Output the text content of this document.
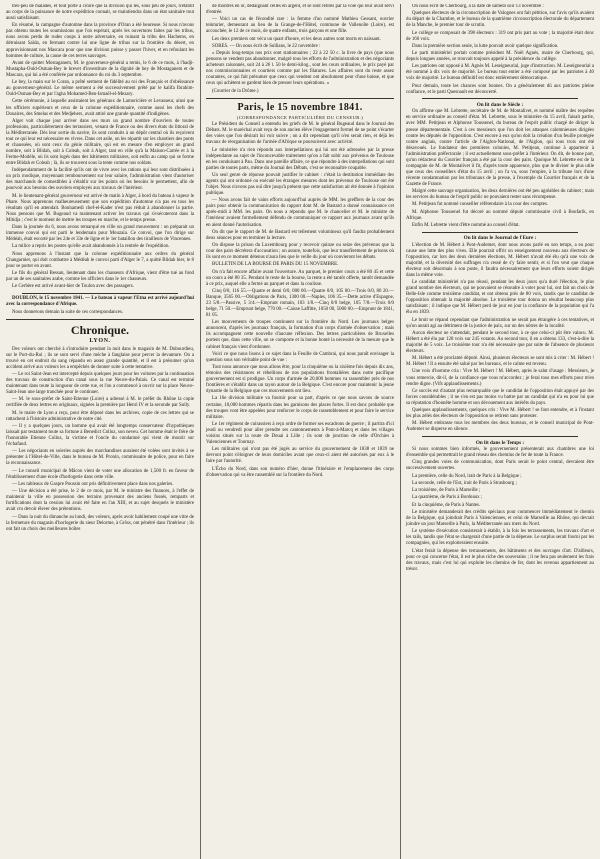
très-peu de malades, et tout porte à croire que la division qui les, sous peu de jours, n'établit au corps de la puissance de notre expédition connait, se maintiendra dans un état sanitaire tout aussi satisfaisant.

En résumé, la campagne d'automne dans la province d'Oran a été heureuse. Si nous n'avons pas obtenu toutes les soumissions que l'on espérait, après les ouvertures faites par les tribus, nous avons perdu de rudes coups à notre adversaire, en ruinant la tribu des Hachems, en détruisant Saïda, en fermant contre lui une ligne de tribus sur la frontière du désert, en approvisionnant nos Mascara pour que une division puisse y passer l'hiver, et en refoulant les hommes de culture, la cause de ces terres sauvages.

Avant de quitter Mostaganem, M. le gouverneur-général a remis, le 6 de ce mois, à l'hadji-Mustapha-Ould-Osman-Bey le brevet d'investiture de la dignité de bey de Mostaganem et de Mascara, qui lui a été conférée par ordonnance du roi du 3 septembre.

Le bey, la main sur le Coran, a prêté serment de fidélité au roi des Français et d'obéissance au gouverneur-général. Le même serment a été successivement prêté par le kalifa Ibrahim-Ould-Osman-Bey et par l'agha Mohamed-Ben-Ismaël-el-Mezary.

Cette cérémonie, à laquelle assistaient les généraux de Lamoricière et Levasseur, ainsi que les officiers supérieurs et ceux de la colonne expéditionnaire, comme aussi les chefs des Douaires, des Smelas et des Medjehers, avait attiré une grande quantité d'indigènes.

Alger voit chaque jour arriver dans ses murs un grand nombre d'ouvriers de toutes professions, particulièrement des terrassiers, venant de France ou des divers états du littoral de la Méditerranée. Dès leur sortie du navire, ils sont conduits à un dépôt central où ils reçoivent tout ce qui leur est nécessaire en vivres. Dans cet asile, on les répartit sur les chantiers des ponts et chaussées, où sont ceux du génie militaire, qui est en mesure d'en employer un grand nombre, soit à Blidah, soit à Coleah, soit à Alger, tant en ville qu'à la Maison-Carrée et à la Ferme-Modèle, où ils sont logés dans des bâtiments militaires, soit enfin au camp qui se forme entre Blidah et Coleah ; là, ils se trouvent sous la tente comme nos soldats.

Indépendamment de la facilité qu'ils ont de vivre avec les rations qui leur sont distribuées à un prix modique, moyennant remboursement sur leur salaire, l'administration vient d'autoriser des marchands de comestibles à s'établir sur les points où les besoins le permettent, afin de pourvoir aux besoins des ouvriers employés aux travaux de l'intérieur.

M. le lieutenant-général gouverneur est arrivé de matin à Alger, à bord du bateau à vapeur le Phare. Nous apprenons malheureusement que son expédition d'automne n'a pas eu tous les résultats qu'il en attendait. Bouhamedi chef-el-Kader n'est pas réduit à abandonner la partie. Nous pensons que M. Bugeaud va maintenant activer les travaux qui s'exécuteront dans la Mitidja ; c'est le moment de mettre les troupes en marche, et le temps presse.

Dans la journée du 6, nous avons remarqué en ville un grand mouvement : on préparait un immense convoi qui est parti le lendemain pour Mouzaïa. Ce convoi, que l'on dirige sur Médéah, était escorté par les 24e et 33e de ligne et le 1er bataillon des tirailleurs de Vincennes.

La milice a repris les postes qu'elle avait abandonnés à la rentrée de l'expédition.

Nous apprenons à l'instant que la colonne expéditionnaire aux ordres du général Changarnier, qui doit combattre à Médéah le convoi parti d'Alger le 7, a quitté Blidah hier, le 8 pour se porter en avant.

Le fils du général Bessan, lieutenant dans les chasseurs d'Afrique, vient d'être tué au fond par un de ses sanitaires arabe, comme les officiers dans le 1er chasseurs.

Le Cerbère est arrivé avant-hier de Toulon avec des passagers.

DOUBLON, le 15 novembre 1841. — Le bateau à vapeur l'Etna est arrivé aujourd'hui avec la correspondance d'Afrique.

Nous donnerons demain la suite de ces correspondances.

Chronique.
LYON.

Des voleurs ont cherché à s'introduire pendant la nuit dans le magasin de M. Dubourdieu, sur le Port-du-Roi ; ils se sont servi d'une mèche à fanglaise pour percer la devanture. On a trouvé en cet endroit du sang répandu en assez grande quantité, et il est à présumer qu'un accident arrivé aux voleurs les a empêchés de donner suite à cette tentative.

— Le roi Saint-Jean est intercepté depuis quelques jours pour les voitures par la continuation des travaux de construction d'un canal sous la rue Neuve-du-Palais. Ce canal est terminé maintenant dans toute la longueur de cette rue, et l'on a commencé à ouvrir sur la place Neuve-Saint-Jean une large tranchée pour le continuer.

— M. le sous-préfet de Saint-Etienne (Loire) a adressé à M. le préfet du Rhône la copie certifiée de deux lettres en originaux, signées la première par Henri IV et la seconde par Sully.

M. le maire de Lyon a reçu, pour être déposé dans les archives, copie de ces lettres qui se rattachent à l'histoire administrative de notre cité.

— Il y a quelques jours, un homme qui avait été longtemps conservateur d'hypothèques laissait par testament toute sa fortune à Benedict Colloz, son neveu. Cet homme était le frère de l'honorable Etienne Colloz, la victime et l'oncle du condamné qui vient de mourir sur l'échafaud.

— Les négociants en soieries auprès des marchandises auraient été volées sont invités à se présenter à l'Hôtel-de-Ville, dans le bureau de M. Pronin, commissaire de police, pour en faire la reconnaissance.

— Le conseil municipal de Mâcon vient de voter une allocation de 1,500 fr. en faveur de l'établissement d'une école d'horlogerie dans cette ville.

— Les tableaux de Gaspre Poussin ont pris définitivement place dans nos galeries.

— Une décision a été prise, le 2 de ce mois, par M. le ministre des finances, à l'effet de maintenir la ville en possession des terrains provenant des anciens fossés, remparts et fortifications dont la cession lui avait été faite en l'an XIII, et au sujet desquels le ministère avait cru devoir élever des prétentions.

— Dans la nuit du dimanche au lundi, des voleurs, après avoir habilement coupé une vitre de la fermeture du magasin d'horlogerie du sieur Delorme, à Grôss, ont pénétré dans l'intérieur ; ils ont fait un choix des meilleures boîtes

de montres en or, dédaignant celles en argent, et se sont retirés par la voie qui leur avait servi d'entrée.

— Voici un cas de fécondité rare : la femme d'un nommé Mathieu Gessant, ouvrier teinturier, demeurant au lieu de la Grange-de-l'Hôtel, commune de Vallenoîte (Loire), est accouchée, le 12 de ce mois, de quatre enfants, trois garçons et une fille.

Les deux premiers ont vécu un quart d'heure, et les deux autres sont morts en naissant.

SORES. — On nous écrit de Sullians, le 22 novembre :

« Depuis long-temps nos prix sont stationnaires ; 22 à 22 50 c. la livre de pays (que nous pensons se vendent pas abandonner, malgré tous les efforts de l'administration et des négociants acheteurs raisonnés, soit 24 à 26 l. 50 le demi-kilog., sont les cours ordinaires, le prix payé par nos commissionnaires et courtiers comme par les filatures. Les affaires sont du reste assez courantes, ce qui fait présumer que ceux qui vendent ont absolument peur d'une baisse, et que ceux qui achètent se gardent bien de presser leurs opérations. »

(Courrier de la Drôme.)

Paris, le 15 novembre 1841.
(CORRESPONDANCE PARTICULIÈRE DU CENSEUR.)

Le Président du Conseil a entendu les griefs de M. le général Bugeaud dans le Journal des Débats. M. le maréchal avait reçu de son ancien élève l'engagement formel de ne point s'écarter des voies que l'on désirait lui voir suivre ; on a dit cependant qu'il n'en serait rien, et déjà les travaux de réorganisation de l'armée d'Afrique se poursuivent avec activité.

Le ministère n'a rien répondu aux interpellations qui lui ont été adressées par la presse indépendante au sujet de l'inconcevable traitement qu'on a fait subir aux prévenus de Toulouse en les conduisant à Pau. Dans une pareille affaire, ce que répondre à des interpellations qui sont parties de toutes parts, même du Journal des Débats, c'est se reconnaître coupable.

Un seul genre de réponse pouvait justifier le cabinet : c'était la destitution immédiate des agents qui ont ordonné ou exécuté les étranges mesures dont les prévenus de Toulouse ont été l'objet. Nous n'avons pas ouï dire jusqu'à présent que cette satisfaction ait été donnée à l'opinion publique.

— Nous avons fait de vains efforts aujourd'hui auprès de MM. les greffiers de la cour des pairs pour obtenir la communication du rapport dont M. de Bastard a donné connaissance cet après-midi à MM. les pairs. On nous a répondu que M. le chancelier et M. le ministre de l'intérieur avaient formellement défendu de communiquer ce rapport aux journaux avant qu'ils en aient donné l'autorisation.

On dit que le rapport de M. de Bastard est tellement volumineux qu'il faudra probablement deux séances pour en terminer la lecture.

On dispose la prison du Luxembourg pour y recevoir quinze ou seize des prévenus que la cour des pairs décrétera d'accusation ; on assure, toutefois, que leur transfèrement de prisons où ils sont en ce moment détenus n'aura lieu que le veille du jour où convieront les débats.

BULLETIN DE LA BOURSE DE PARIS DU 15 NOVEMBRE.

On n'a fait encore affaire avant l'ouverture. Au parquet, le premier cours a été 80 45 et cette un cours a été 80 35. Pendant le reste de la bourse, la rente a été tantôt offerte, tantôt demandée à ce prix, auquel elle a fermé au parquet et dans la coulisse.

Cinq 0/0, 116 55.—Quatre et demi 0/0, 000 00.—Quatre 0/0, 105 00.—Trois 0/0, 80 20.—Banque, 3565 00.—Obligations de Paris, 1300 00.—Naples, 106 35.—Dette active d'Espagne, 23 5/8.—Passive, 5 3/4.—Emprunt romain, 103 1/8.—Cinq 0/0 belge, 105 7/8.—Trois 0/0 belge, 71 50.—Emprunt belge, 770 00.—Caisse Laffitte, 1050 00, 5000 00.—Emprunt de 1841, 81 05.

Les mouvements de troupes continuent sur la frontière du Nord. Les journaux belges annoncent, d'après les journaux français, la formation d'un corps d'armée d'observation ; mais ils accompagnent cette nouvelle d'aucune réflexion. Des lettres particulières de Bruxelles portent que, dans cette ville, on se comporte et la bonne bonté la nécessité de la mesure que le cabinet français vient d'ordonner.

Voici ce que nous lisons à ce sujet dans la Feuille de Cambrai, qui nous paraît envisager la question sous son véritable point de vue :

Tout nous annonce que nous allons être, pour la cinquième ou la sixième fois depuis dix ans, témoins des résistances et rébellions de nos populations frontalières dans notre pacifique gouvernement est si prodigue. Un corps d'armée de 20,000 hommes va rassembler près de nos frontières et s'établir dans un rayon autour de la Belgique. C'est encore pour maintenir la jeune dynastie de la Belgique que ces mouvements ont lieu.

La 16e division militaire va fournir pour sa part, d'après ce que nous savons de source certaine, 18,000 hommes répartis dans les garnisons des places fortes. Il est donc probable que des troupes vont être appelées pour renforcer le corps de rassemblement et pour faire le service militaire.

Le 1er régiment de cuirassiers à reçu ordre de former ses escadrons de guerre ; il partira d'ici jeudi ou vendredi pour aller prendre ses cantonnements à Pont-à-Marcq et dans les villages voisins situés sur la route de Douai à Lille ; ils sont de jonction de celle d'Orchies à Valenciennes et Tournay.

Les militaires qui n'ont pas été jugés au service du gouvernement de 1838 et 1839 ne devront point s'éloigner de leurs domiciles avant que ceux-ci aient été autorisés par eux à le faire par l'autorité.

L'Écho du Nord, dans son numéro d'hier, donne l'itinéraire et l'emplacement des corps d'observation qui va être rassemblé sur la frontière du Nord.

On nous écrit de Cherbourg, à la date de samedi soir 13 novembre :

Quelques électeurs de la circonscription de Valognes ont fait pétition, sur l'avis qu'ils avaient du départ de la Chambre, et le bureau de la quatrième circonscription électorale du département de la Manche, le premier tour de scrutin.

Le collège se composait de 398 électeurs : 319 ont pris part au vote ; la majorité était donc de 160 voix.

Dans la première section seule, la lutte pouvait avoir quelque signification.

Le parti ministériel portait comme président M. Noël Agnès, maire de Cherbourg, qui, depuis longues années, se trouvait toujours appelé à la présidence du collège.

Les patriotes ont opposé à M. Agnès M. Leseigneurial, juge d'instruction. M. Leseigneurial a été nommé à dix voix de majorité. Le bureau tout entier a été composé par les patriotes à 40 voix de majorité. Le bureau définitif est donc entièrement démocratique.

Pour demain, toute les chances sont bonnes. On a généralement dû aux patriotes pleine confiance, et le parti Quesnault est déconcerté.

On lit dans le Siècle :

On affirme que M. Lebrette, secrétaire de M. de Montalivet, et nommé maître des requêtes en service ordinaire au conseil d'état. M. Lebrette, sous le ministère du 15 avril, faisait partie, avec MM. Petitjean et Alphonse Toussenel, du bureau de l'esprit public chargé de diriger la presse départementale. C'est à ces messieurs que l'on doit les attaques calomnieuses dirigées contre les députés de l'opposition. C'est encore à eux qu'on doit la création d'un feuille protégée contre anglais, contre l'article de l'Aiglon-National, de l'Aiglon, qui tous trois ont été désavoués. Le fondateur des premières colonies, M. Petitjean, continue à appartenir à l'administration préfectorale ; il est actuellement sous-préfet à l'intérieur. On dit, de bonne part, qu'un rédacteur du Courrier français a été par la cour des pairs. Quoique M. Lebrette est de la compagnie de M. de Montalivet il fit, d'après toute apparence, plus que le diviser le plus utile que ceux des conseillers d'état du 15 avril ; on l'a vu, sous l'empire, à la tribune lors d'une récente condamnation par les tribunaux de la presse, à l'exemple du Courrier français et de la Gazette de France.

Malgré cette sauvage organisation, les deux dernières ont été peu agréables du cabinet ; mais les services du bureau de l'esprit public ne pouvaient rester sans récompense.

M. Petitjean fut nommé conseiller référendaire à la cour des comptes.

M. Alphonse Toussenel fut décoré au nommé député commissaire civil à Boufarik, en Afrique.

Enfin M. Lebrette vient d'être nommé au conseil d'état.

On lit dans le Journal de l'Eure :

L'élection de M. Hébert à Pont-Audemer, dont nous avons parlé en son temps, a eu pour cause une lutte des plus vives. Elle pourrait offrir un enseignement nouveau aux électeurs de l'opposition, car lors des deux dernières élections, M. Hébert n'avait été élu qu'à une voix de majorité, et la diversité des suffrages n'a cessé de s'y faire sentir, et si l'on veut que chaque électeur soit désormais à son poste, il faudra nécessairement que leurs efforts soient dirigés dans la même voie.

Le candidat ministériel n'a pas réussi, pendant les deux jours qu'a duré l'élection, le plus grand nombre des électeurs, qui ne pouvaient se résoudre à voter pour lui, ont fait un choix de Belle-Isle comme troisième candidat, et ont obtenu près de 80 voix, tandis que le candidat de l'opposition obtenait la majorité absolue. Le troisième tour donna un résultat beaucoup plus satisfaisant ; il indique que M. Hébert perd de jour en jour la confiance de la population qui l'a élu en 1839.

Le bruit se répand cependant que l'administration ne serait pas étrangère à ces tentatives, et qu'on aurait agi au détriment de la justice de paix, sur un des nôtres de la localité.

Aucun électeur ne s'attendait, pendant le second tour, à ce que celui-ci pût être vaincu. M. Hébert a été élu par 128 voix sur 245 votants. Au second tour, il en a obtenu 133, c'est-à-dire la majorité de 5 voix. Le troisième tour n'a été nécessaire que par suite de l'absence de plusieurs électeurs.

M. Hébert a été proclamé député. Ainsi, plusieurs électeurs se sont mis à crier : M. Hébert ! M. Hébert ! Il a ensuite été salué par les bureaux, et le calme est revenu.

Une voix d'homme cria : Vive M. Hébert ! M. Hébert, après le salut d'usage : Messieurs, je vous remercie, dit-il, de la confiance que vous m'accordez ; je ferai tous mes efforts pour m'en rendre digne. (Vifs applaudissements.)

Ce succès est d'autant plus remarquable que le candidat de l'opposition était appuyé par des forces considérables ; il ne s'en est pas moins vu battre par un candidat qui n'a eu pour lui que sa réputation d'honnête homme et son dévouement aux intérêts du pays.

Quelques applaudissements, quelques cris : Vive M. Hébert ! se font entendre, et à l'instant les plus zélés des électeurs de l'opposition se retirent sans protester.

M. Hébert embrasse tous les membres des deux bureaux, et le conseil municipal de Pont-Audemer se disperse en silence.

On lit dans le Temps :

Si nous sommes bien informés, le gouvernement présenterait aux chambres une loi d'ensemble qui permettrait le grand réseau des chemins de fer de toute la France.

Cinq grandes voies de communication, dont Paris serait le point central, devraient être successivement ouvertes.

La première, celle du Nord, irait de Paris à la Belgique ;

La seconde, celle de l'Est, irait de Paris à Strasbourg ;

La troisième, de Paris à Marseille ;

La quatrième, de Paris à Bordeaux ;

Et la cinquième, de Paris à Nantes.

Le ministère demanderait des crédits spéciaux pour commencer immédiatement le chemin de la Belgique, qui joindrait Paris à Valenciennes, et celui de Marseille au Rhône, qui devrait joindre un jour Marseille à Paris, la Méditerranée aux mers du Nord.

Le système d'exécution consisterait à établir, à la fois les terrassements, les travaux d'art et les rails, tandis que l'état se chargerait d'une partie de la dépense. Le surplus serait fourni par les compagnies, qui les exploiteraient ensuite.

L'état ferait la dépense des terrassements, des bâtiments et des ouvrages d'art. D'ailleurs, pour ce qui concerne l'état, il est le plus riche des souverains ; il ne fera pas seulement les frais des travaux, mais c'est lui qui exploite les chemins de fer, dont les revenus appartiennent au trésor.
